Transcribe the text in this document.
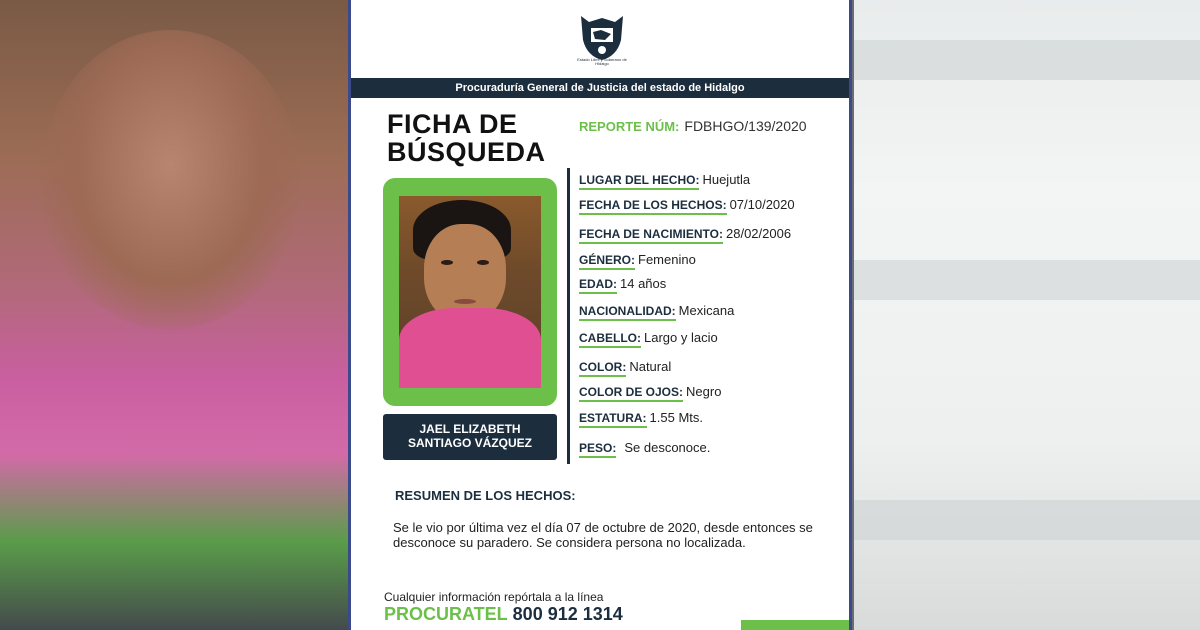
Estado Libre y Soberano de Hidalgo
Procuraduría General de Justicia del estado de Hidalgo
FICHA DE
BÚSQUEDA
REPORTE NÚM: FDBHGO/139/2020
JAEL ELIZABETH
SANTIAGO VÁZQUEZ
LUGAR DEL HECHO: Huejutla
FECHA DE LOS HECHOS: 07/10/2020
FECHA DE NACIMIENTO: 28/02/2006
GÉNERO: Femenino
EDAD: 14 años
NACIONALIDAD: Mexicana
CABELLO: Largo y lacio
COLOR: Natural
COLOR DE OJOS: Negro
ESTATURA: 1.55 Mts.
PESO: Se desconoce.
RESUMEN DE LOS HECHOS:
Se le vio por última vez el día 07 de octubre de 2020, desde entonces se desconoce su paradero. Se considera persona no localizada.
Cualquier información repórtala a la línea
PROCURATEL 800 912 1314
